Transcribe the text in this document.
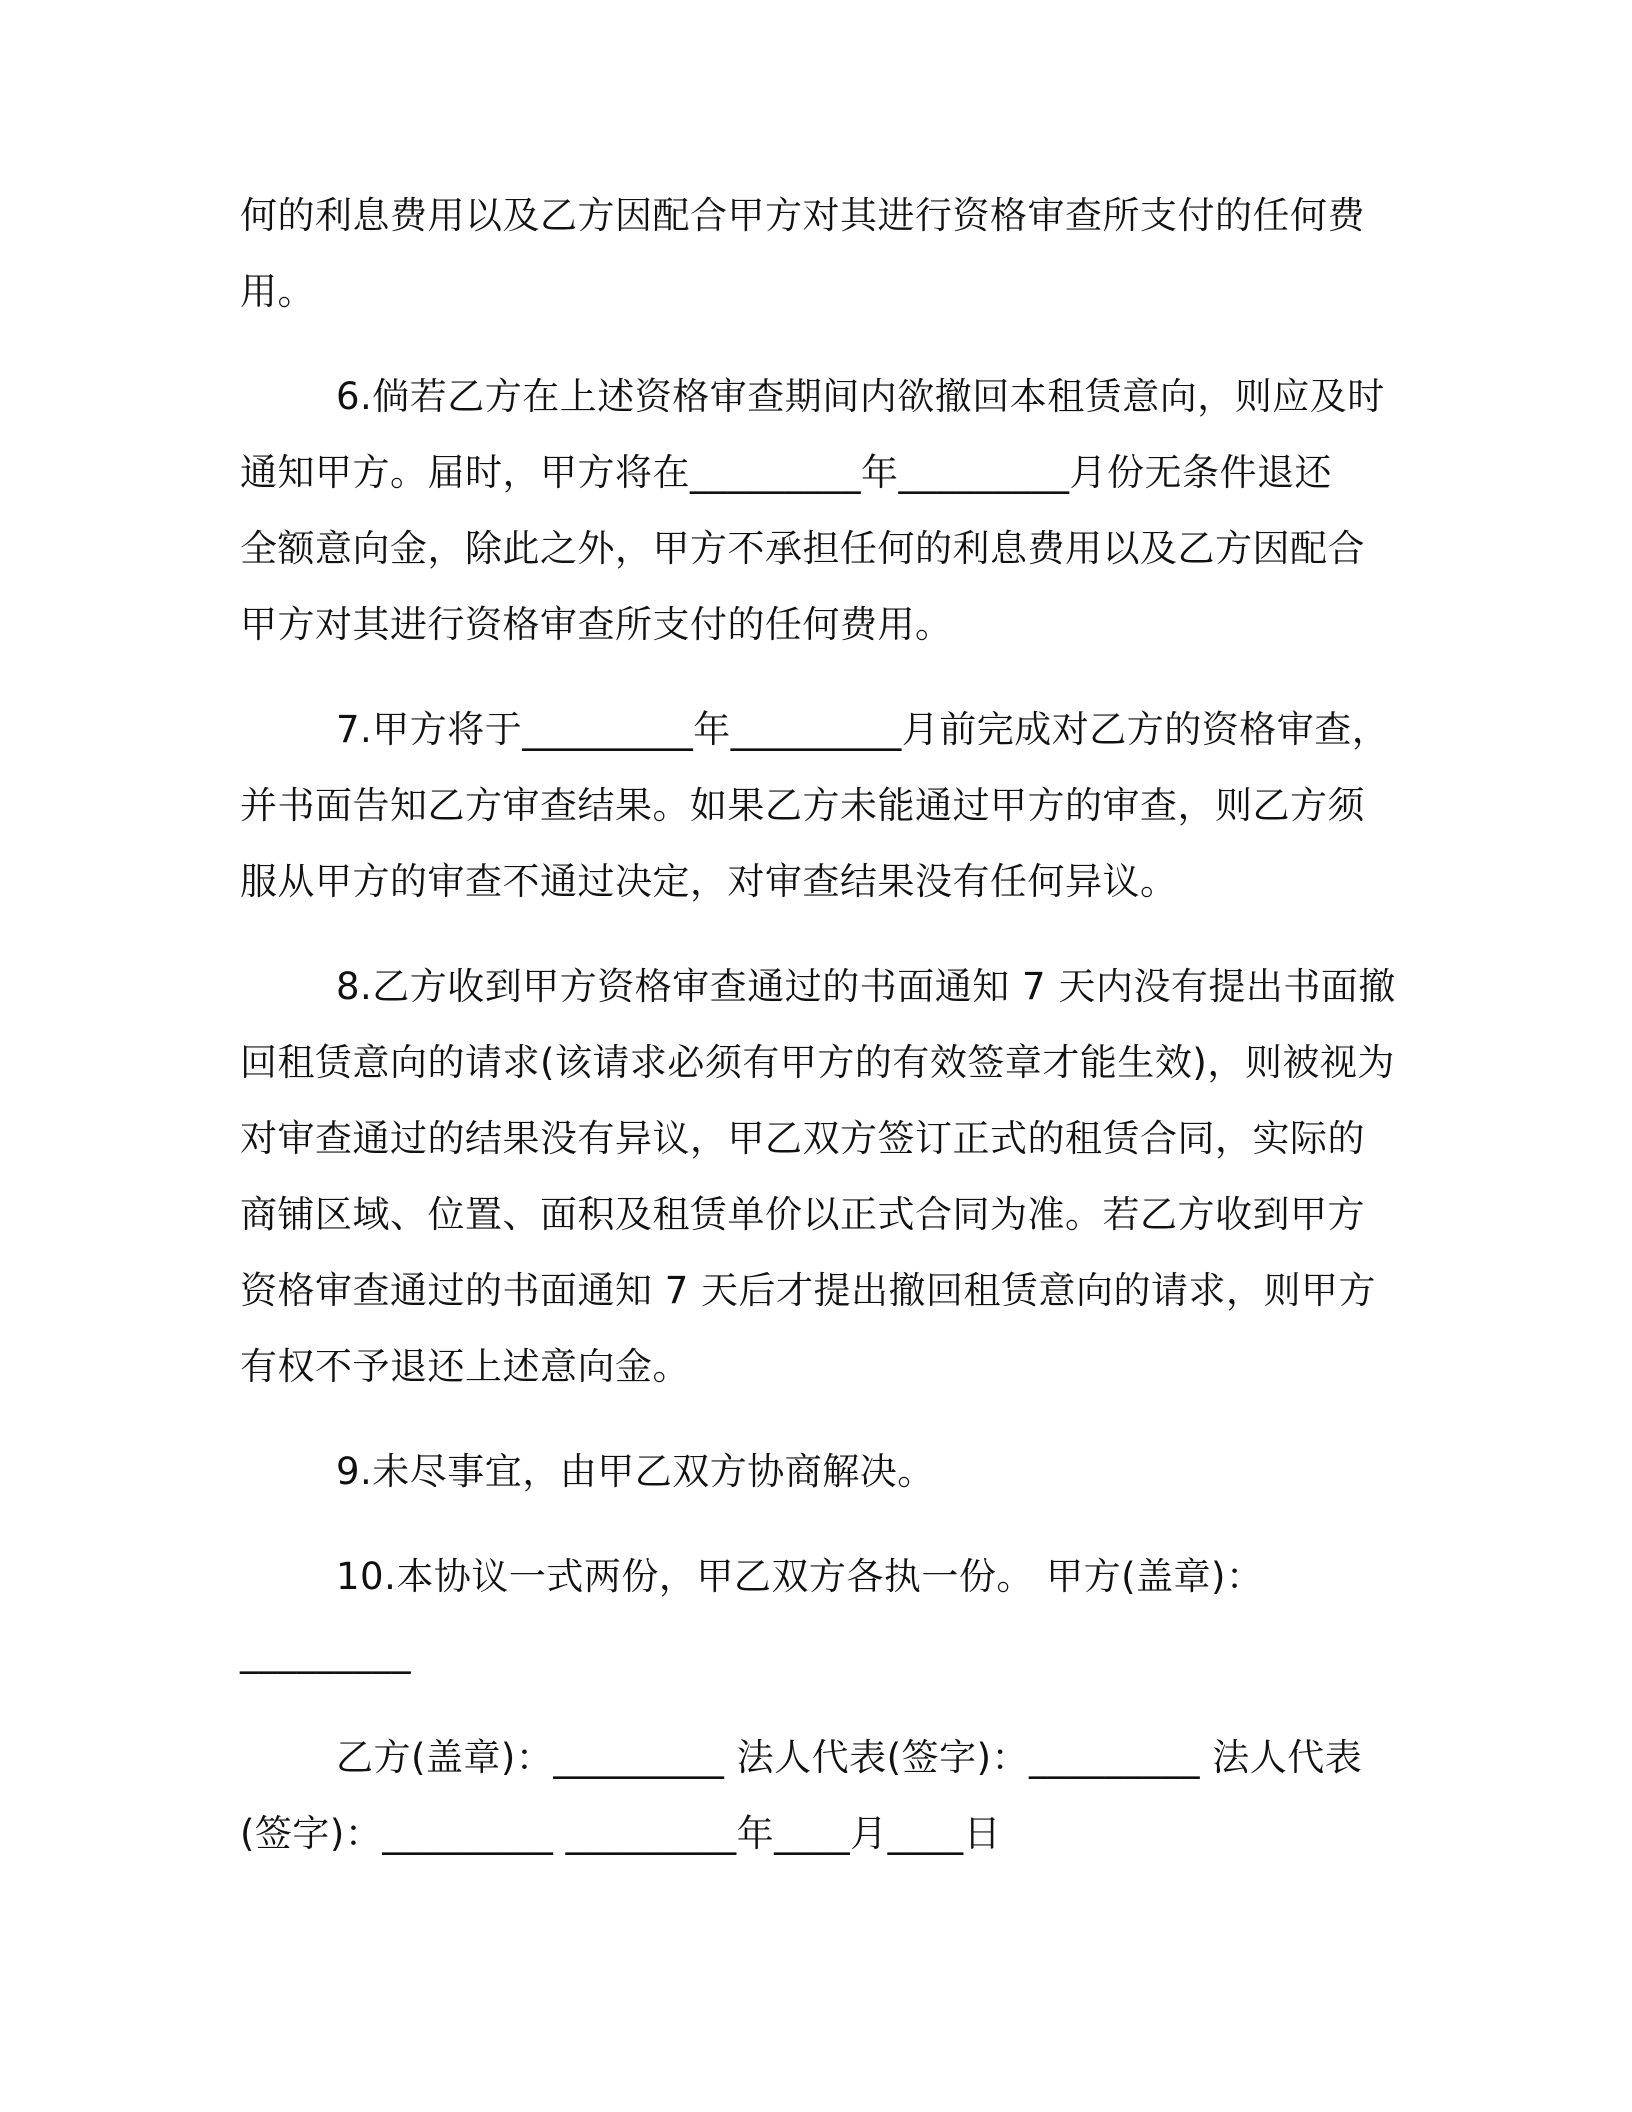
何的利息费用以及乙方因配合甲方对其进行资格审查所支付的任何费
用。
6.倘若乙方在上述资格审查期间内欲撤回本租赁意向，则应及时
通知甲方。届时，甲方将在_________年_________月份无条件退还
全额意向金，除此之外，甲方不承担任何的利息费用以及乙方因配合
甲方对其进行资格审查所支付的任何费用。
7.甲方将于_________年_________月前完成对乙方的资格审查，
并书面告知乙方审查结果。如果乙方未能通过甲方的审查，则乙方须
服从甲方的审查不通过决定，对审查结果没有任何异议。
8.乙方收到甲方资格审查通过的书面通知 7 天内没有提出书面撤
回租赁意向的请求(该请求必须有甲方的有效签章才能生效)，则被视为
对审查通过的结果没有异议，甲乙双方签订正式的租赁合同，实际的
商铺区域、位置、面积及租赁单价以正式合同为准。若乙方收到甲方
资格审查通过的书面通知 7 天后才提出撤回租赁意向的请求，则甲方
有权不予退还上述意向金。
9.未尽事宜，由甲乙双方协商解决。
10.本协议一式两份，甲乙双方各执一份。 甲方(盖章)：
_________
乙方(盖章)：_________ 法人代表(签字)：_________ 法人代表
(签字)：_________ _________年____月____日
